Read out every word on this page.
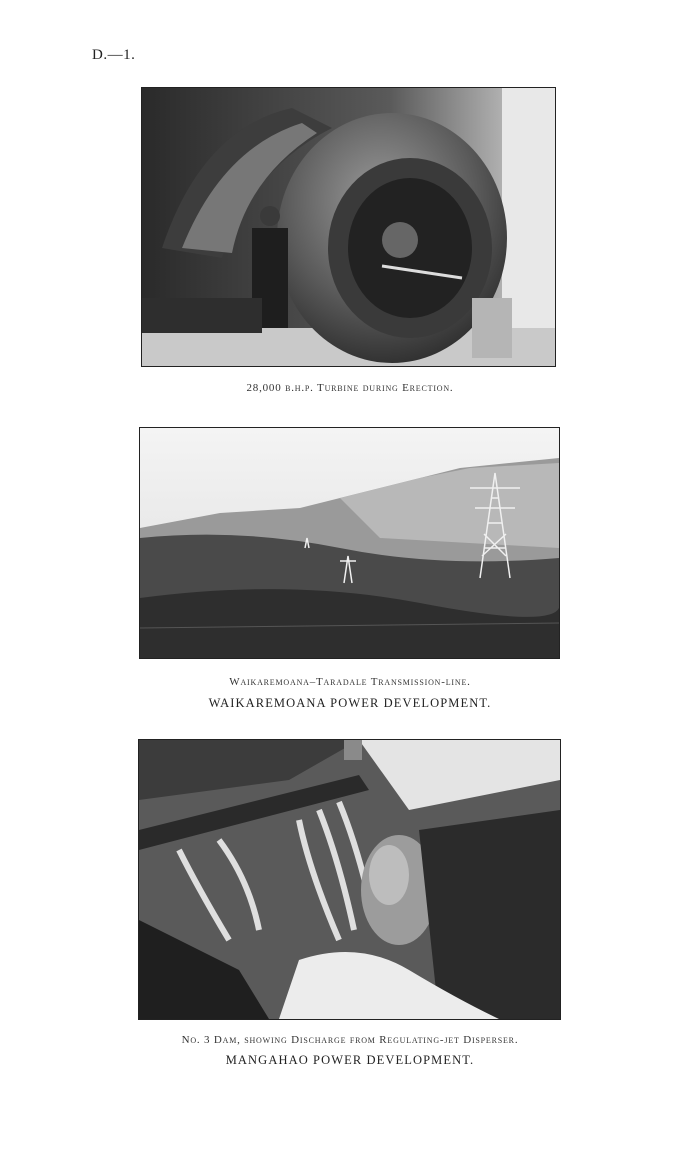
D.—1.
28,000 b.h.p. Turbine during Erection.
Waikaremoana–Taradale Transmission-line.
WAIKAREMOANA POWER DEVELOPMENT.
No. 3 Dam, showing Discharge from Regulating-jet Disperser.
MANGAHAO POWER DEVELOPMENT.
